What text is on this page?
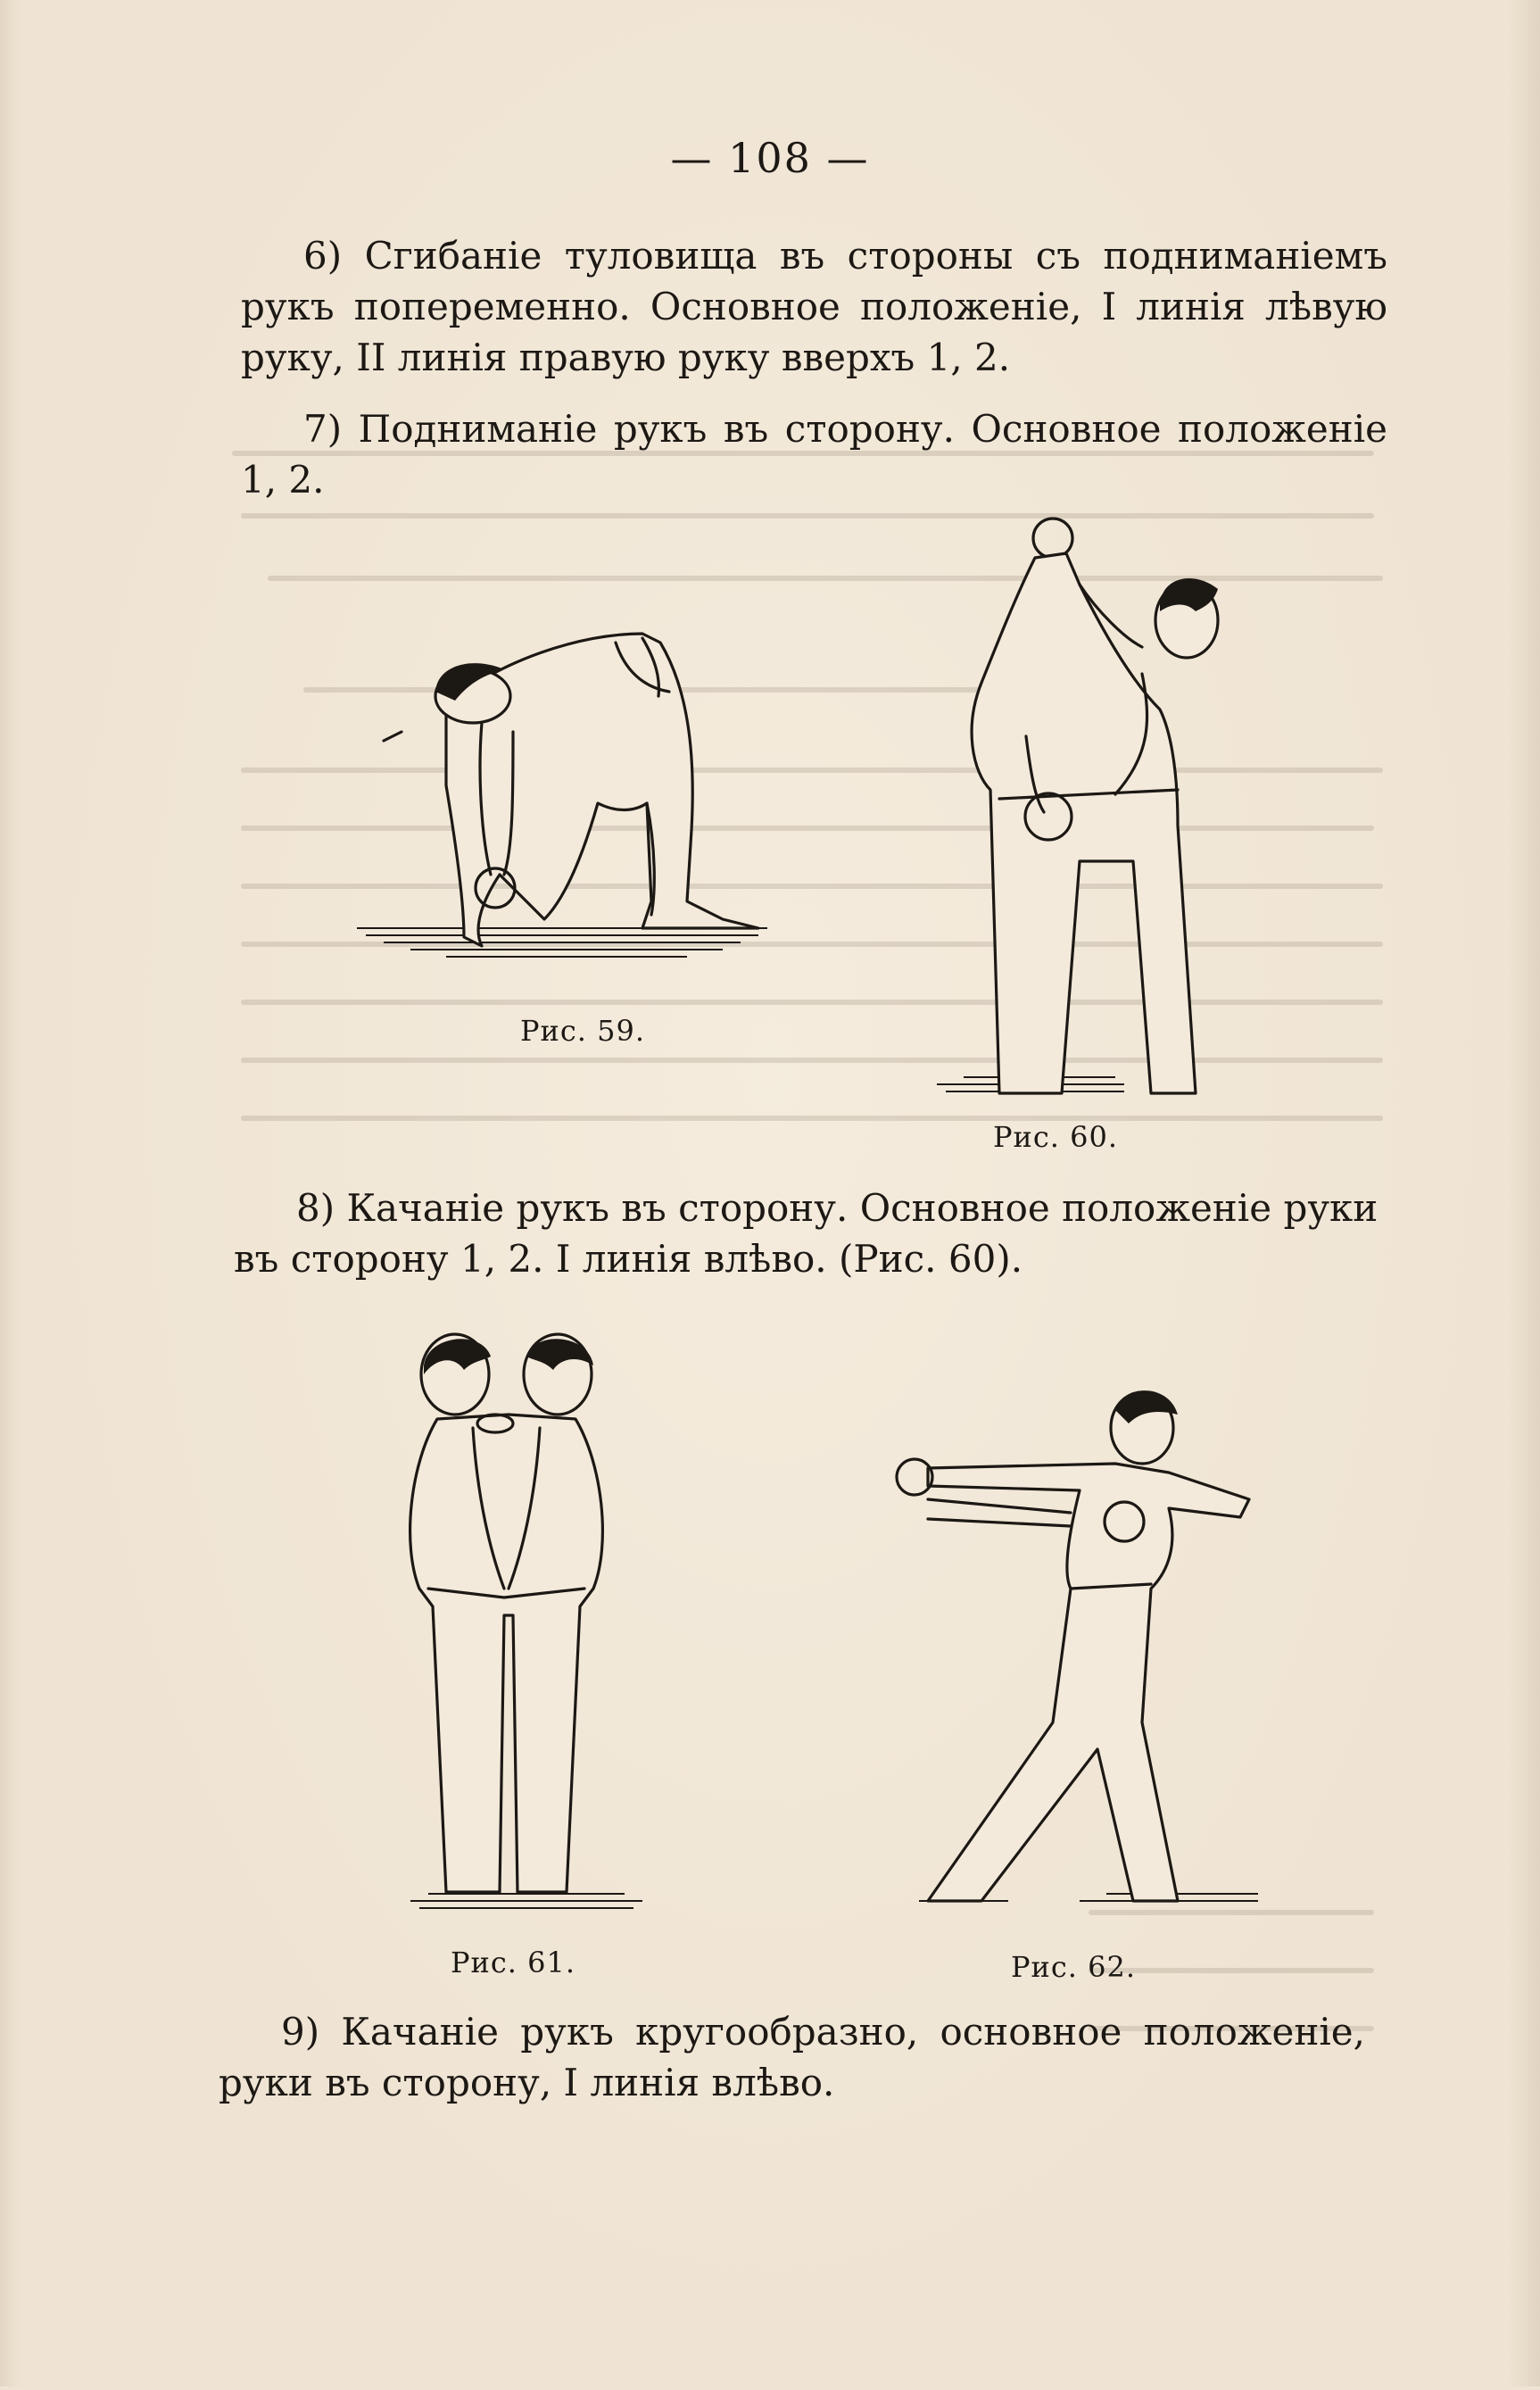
— 108 —
6) Сгибаніе туловища въ стороны съ подниманіемъ
рукъ попеременно. Основное положеніе, I линія лѣвую
руку, II линія правую руку вверхъ 1, 2.
7) Подниманіе рукъ въ сторону. Основное положеніе
1, 2.
Рис. 59.
Рис. 60.
8) Качаніе рукъ въ сторону. Основное положеніе руки
въ сторону 1, 2. I линія влѣво. (Рис. 60).
Рис. 61.	Рис. 62.
9) Качаніе рукъ кругообразно, основное положеніе,
руки въ сторону, I линія влѣво.
